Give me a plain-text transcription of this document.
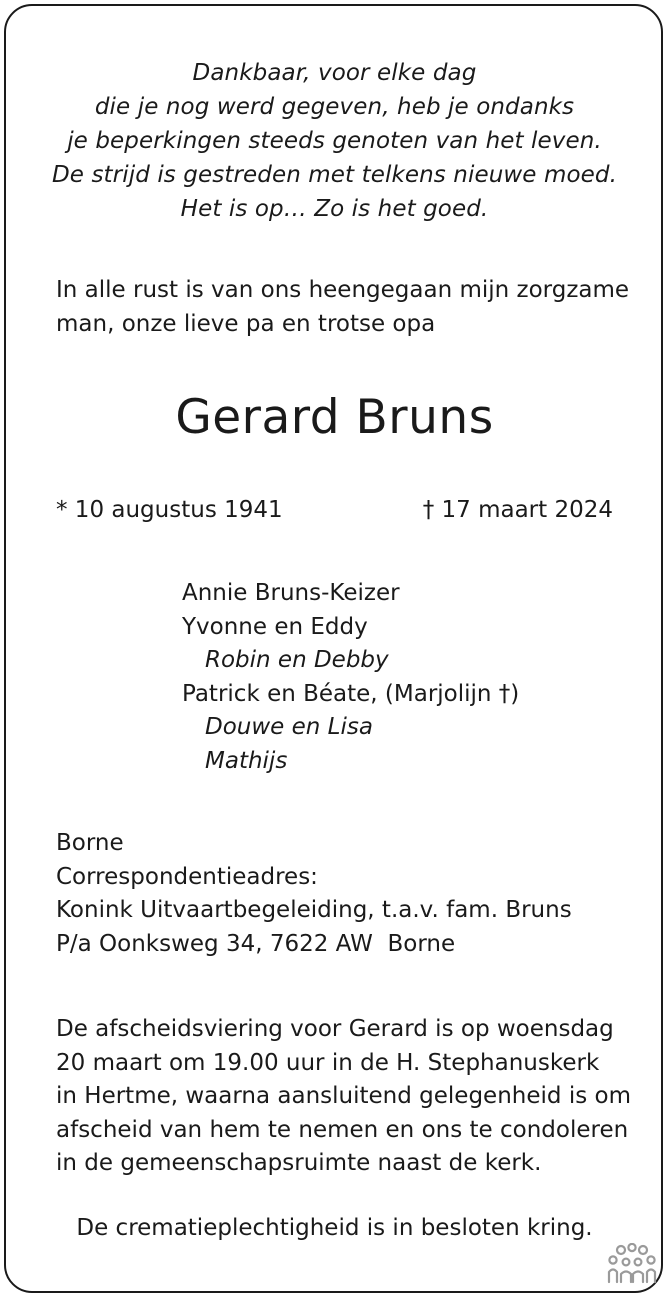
Dankbaar, voor elke dag
die je nog werd gegeven, heb je ondanks
je beperkingen steeds genoten van het leven.
De strijd is gestreden met telkens nieuwe moed.
Het is op… Zo is het goed.
In alle rust is van ons heengegaan mijn zorgzame
man, onze lieve pa en trotse opa
Gerard Bruns
* 10 augustus 1941	† 17 maart 2024
Annie Bruns-Keizer
Yvonne en Eddy
Robin en Debby
Patrick en Béate, (Marjolijn †)
Douwe en Lisa
Mathijs
Borne
Correspondentieadres:
Konink Uitvaartbegeleiding, t.a.v. fam. Bruns
P/a Oonksweg 34, 7622 AW  Borne
De afscheidsviering voor Gerard is op woensdag
20 maart om 19.00 uur in de H. Stephanuskerk
in Hertme, waarna aansluitend gelegenheid is om
afscheid van hem te nemen en ons te condoleren
in de gemeenschapsruimte naast de kerk.
De crematieplechtigheid is in besloten kring.
